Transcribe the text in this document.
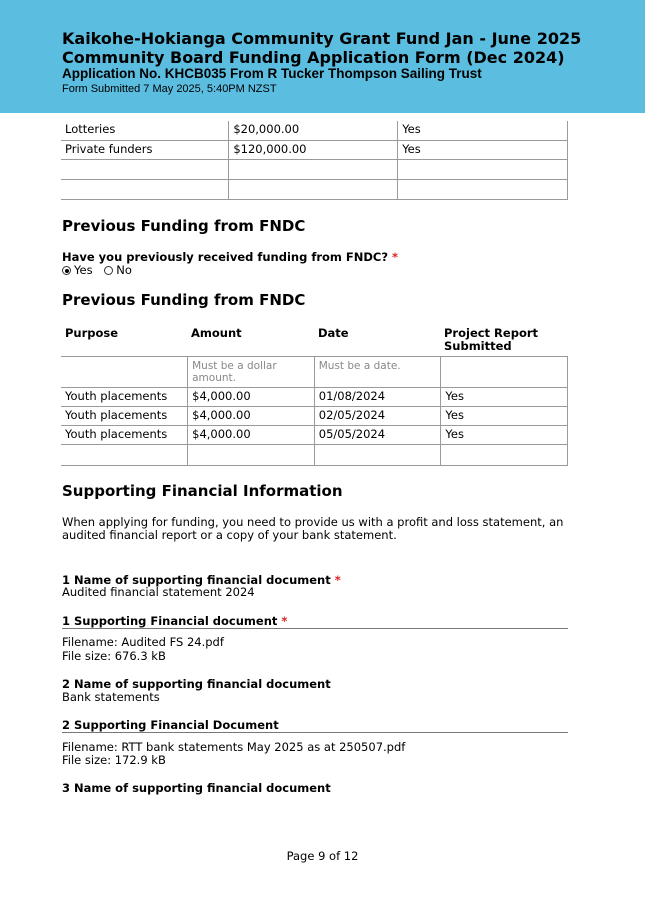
Kaikohe-Hokianga Community Grant Fund Jan - June 2025
Community Board Funding Application Form (Dec 2024)
Application No. KHCB035 From R Tucker Thompson Sailing Trust
Form Submitted 7 May 2025, 5:40PM NZST
Lotteries	$20,000.00	Yes
Private funders	$120,000.00	Yes

Previous Funding from FNDC
Have you previously received funding from FNDC? *
Yes No
Previous Funding from FNDC
Purpose	Amount	Date	Project Report Submitted
	Must be a dollar amount.	Must be a date.	
Youth placements	$4,000.00	01/08/2024	Yes
Youth placements	$4,000.00	02/05/2024	Yes
Youth placements	$4,000.00	05/05/2024	Yes

Supporting Financial Information
When applying for funding, you need to provide us with a profit and loss statement, an
audited financial report or a copy of your bank statement.
1 Name of supporting financial document *
Audited financial statement 2024
1 Supporting Financial document *
Filename: Audited FS 24.pdf
File size: 676.3 kB
2 Name of supporting financial document
Bank statements
2 Supporting Financial Document
Filename: RTT bank statements May 2025 as at 250507.pdf
File size: 172.9 kB
3 Name of supporting financial document
Page 9 of 12
